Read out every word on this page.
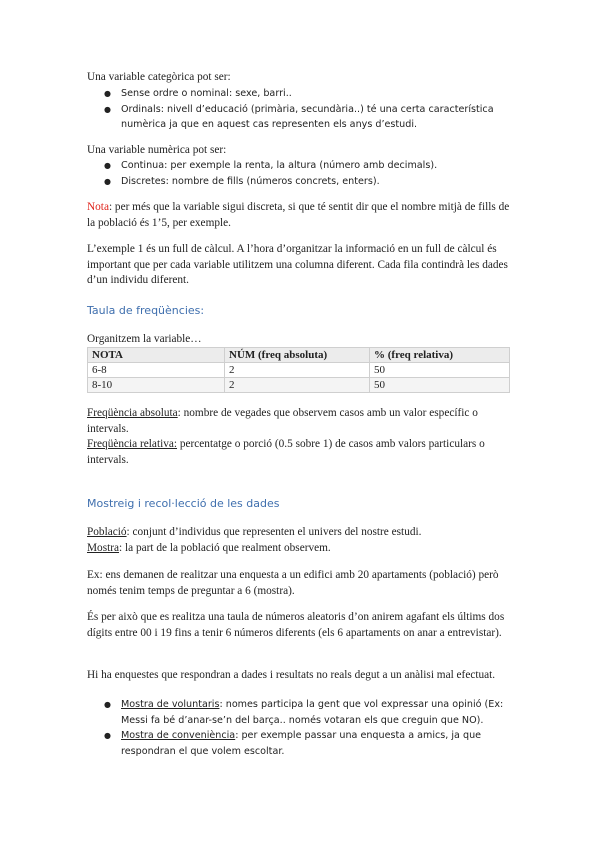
Una variable categòrica pot ser:
● Sense ordre o nominal: sexe, barri..
● Ordinals: nivell d’educació (primària, secundària..) té una certa característica numèrica ja que en aquest cas representen els anys d’estudi.
Una variable numèrica pot ser:
● Continua: per exemple la renta, la altura (número amb decimals).
● Discretes: nombre de fills (números concrets, enters).
Nota: per més que la variable sigui discreta, si que té sentit dir que el nombre mitjà de fills de la població és 1’5, per exemple.
L’exemple 1 és un full de càlcul. A l’hora d’organitzar la informació en un full de càlcul és important que per cada variable utilitzem una columna diferent. Cada fila contindrà les dades d’un individu diferent.
Taula de freqüències:
Organitzem la variable…
NOTA	NÚM (freq absoluta)	% (freq relativa)
6-8	2	50
8-10	2	50
Freqüència absoluta: nombre de vegades que observem casos amb un valor específic o intervals.
Freqüència relativa: percentatge o porció (0.5 sobre 1) de casos amb valors particulars o intervals.
Mostreig i recol·lecció de les dades
Població: conjunt d’individus que representen el univers del nostre estudi.
Mostra: la part de la població que realment observem.
Ex: ens demanen de realitzar una enquesta a un edifici amb 20 apartaments (població) però només tenim temps de preguntar a 6 (mostra).
És per això que es realitza una taula de números aleatoris d’on anirem agafant els últims dos dígits entre 00 i 19 fins a tenir 6 números diferents (els 6 apartaments on anar a entrevistar).
Hi ha enquestes que respondran a dades i resultats no reals degut a un anàlisi mal efectuat.
● Mostra de voluntaris: nomes participa la gent que vol expressar una opinió (Ex: Messi fa bé d’anar-se’n del barça.. només votaran els que creguin que NO).
● Mostra de conveniència: per exemple passar una enquesta a amics, ja que respondran el que volem escoltar.
